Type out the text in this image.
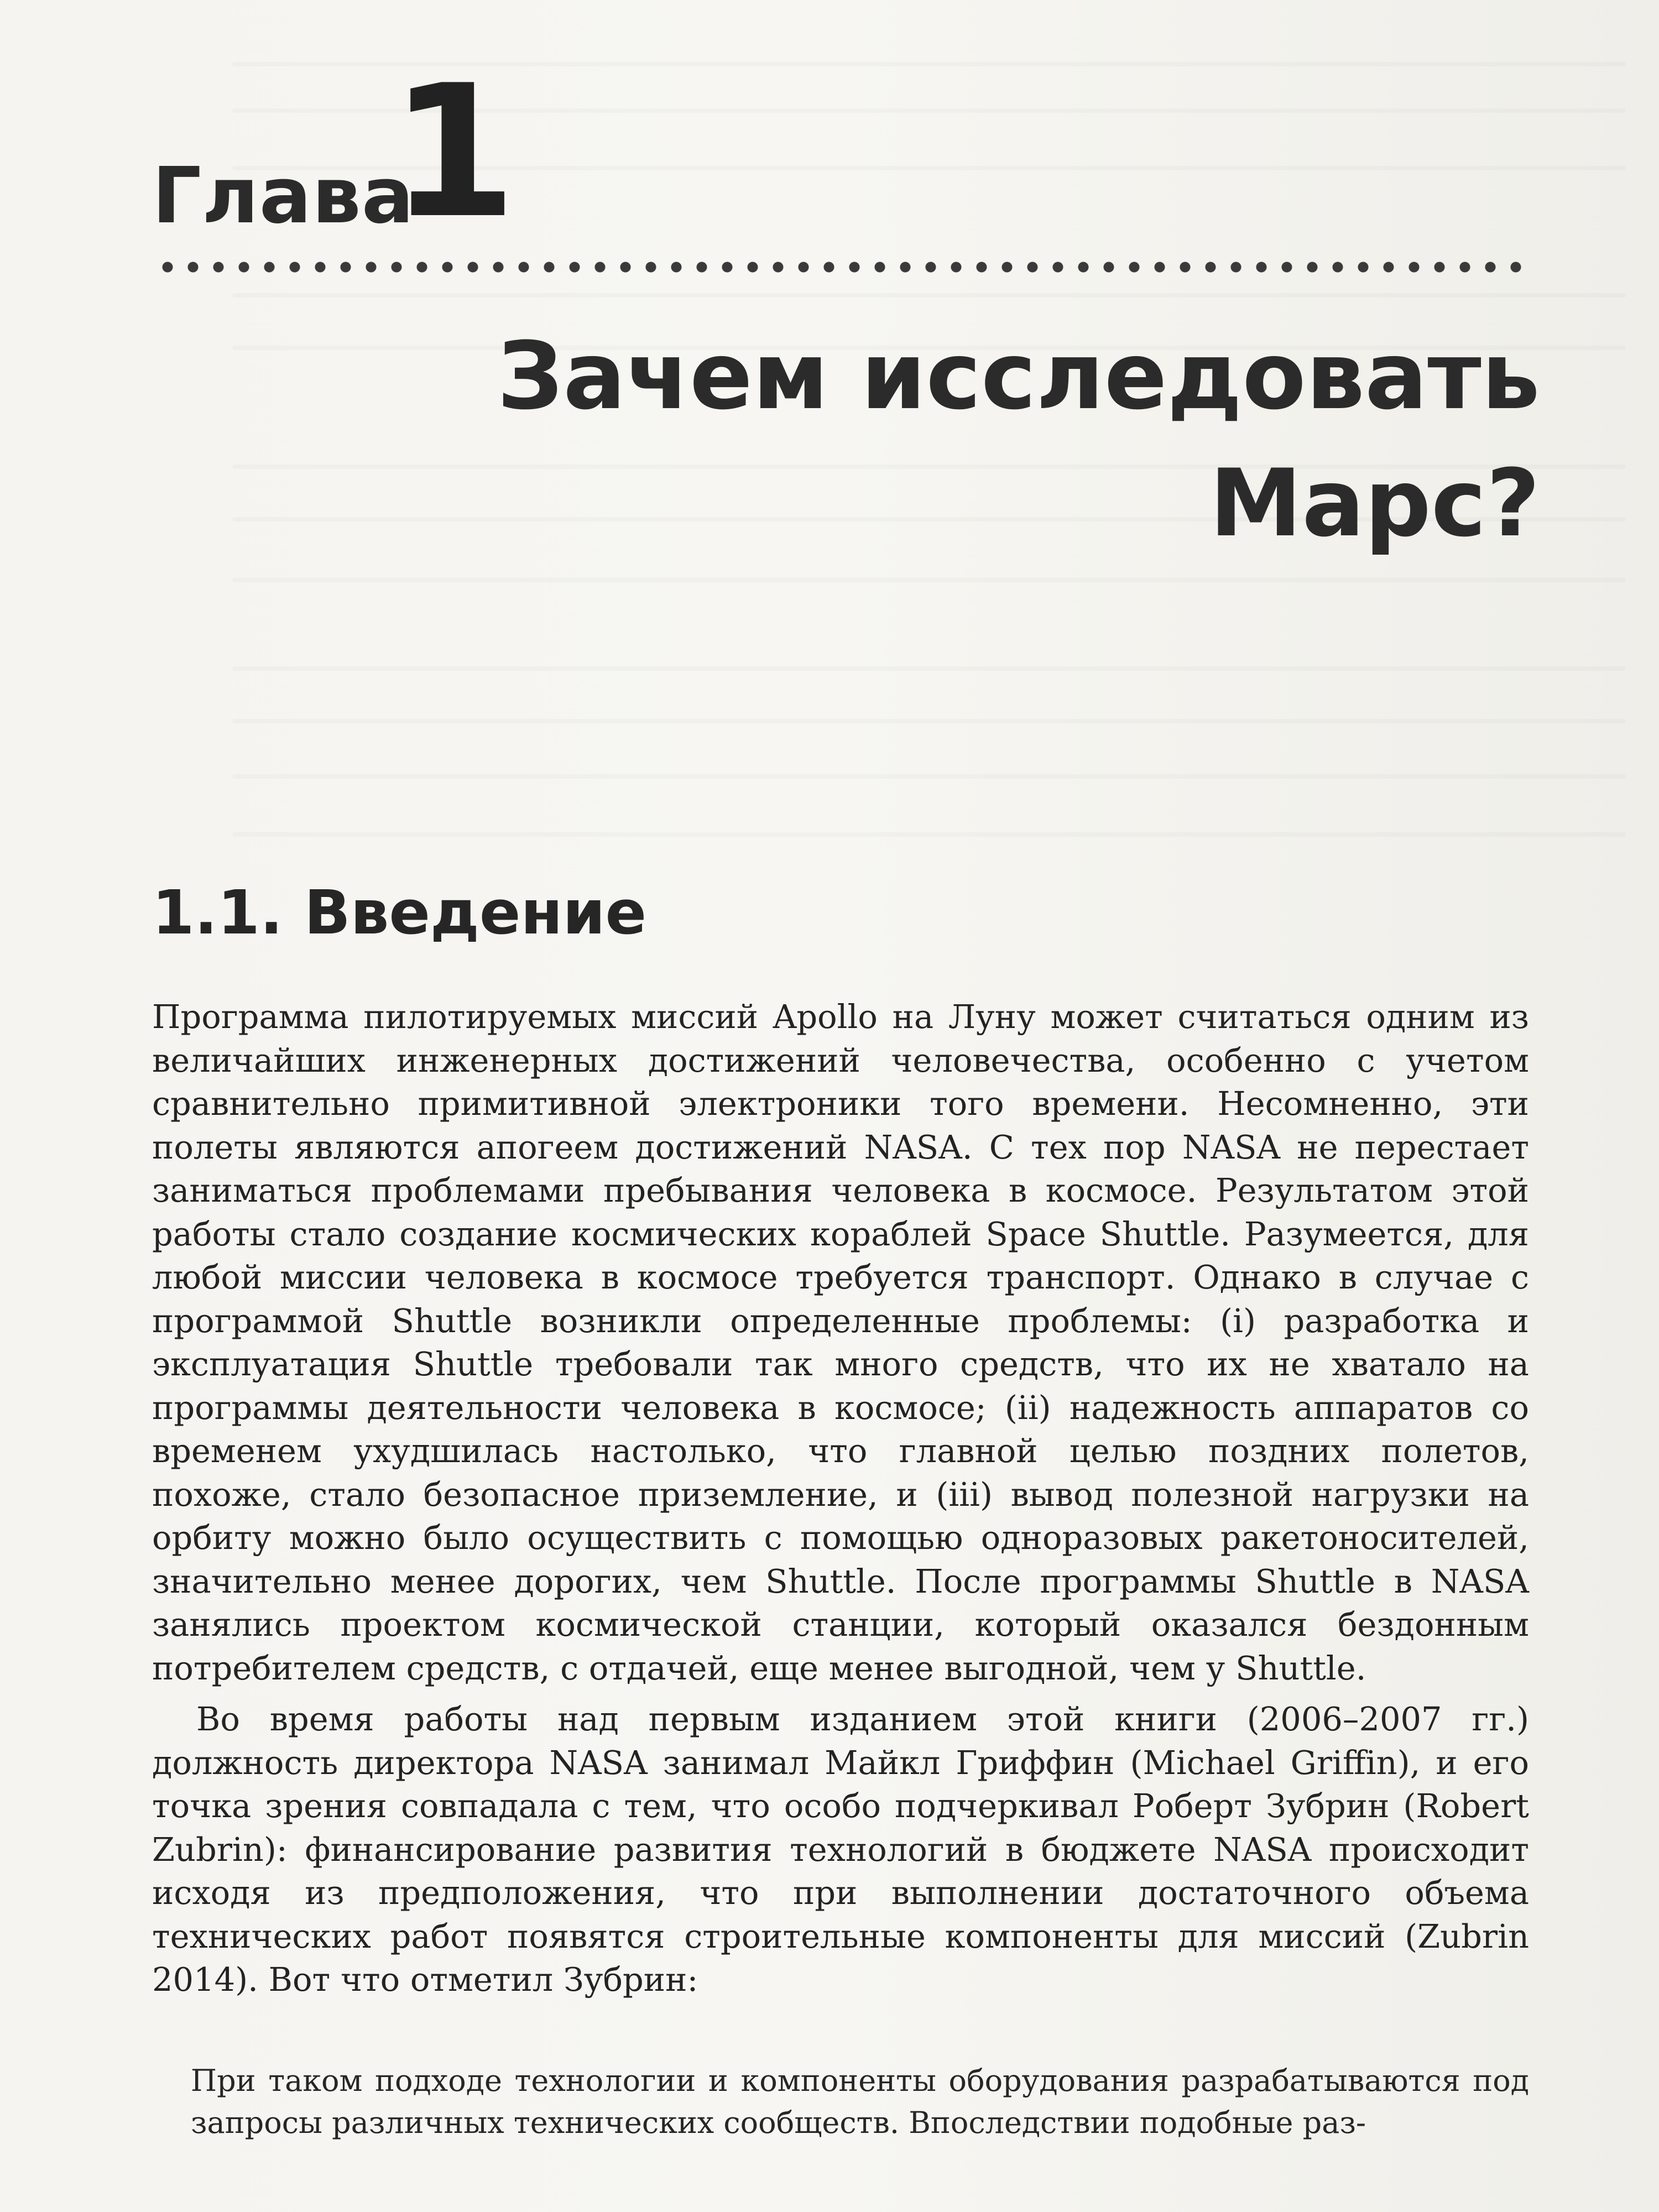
Глава
1
Зачем исследовать Марс?
1.1. Введение

Программа пилотируемых миссий Apollo на Луну может считаться одним из величайших инженерных достижений человечества, особенно с учетом сравнительно примитивной электроники того времени. Несомненно, эти полеты являются апогеем достижений NASA. С тех пор NASA не перестает заниматься проблемами пребывания человека в космосе. Результатом этой работы стало создание космических кораблей Space Shuttle. Разумеется, для любой миссии человека в космосе требуется транспорт. Однако в случае с программой Shuttle возникли определенные проблемы: (i) разработка и эксплуатация Shuttle требовали так много средств, что их не хватало на программы деятельности человека в космосе; (ii) надежность аппаратов со временем ухудшилась настолько, что главной целью поздних полетов, похоже, стало безопасное приземление, и (iii) вывод полезной нагрузки на орбиту можно было осуществить с помощью одноразовых ракетоносителей, значительно менее дорогих, чем Shuttle. После программы Shuttle в NASA занялись проектом космической станции, который оказался бездонным потребителем средств, с отдачей, еще менее выгодной, чем у Shuttle.

Во время работы над первым изданием этой книги (2006–2007 гг.) должность директора NASA занимал Майкл Гриффин (Michael Griffin), и его точка зрения совпадала с тем, что особо подчеркивал Роберт Зубрин (Robert Zubrin): финансирование развития технологий в бюджете NASA происходит исходя из предположения, что при выполнении достаточного объема технических работ появятся строительные компоненты для миссий (Zubrin 2014). Вот что отметил Зубрин:

При таком подходе технологии и компоненты оборудования разрабатываются под запросы различных технических сообществ. Впоследствии подобные раз-
